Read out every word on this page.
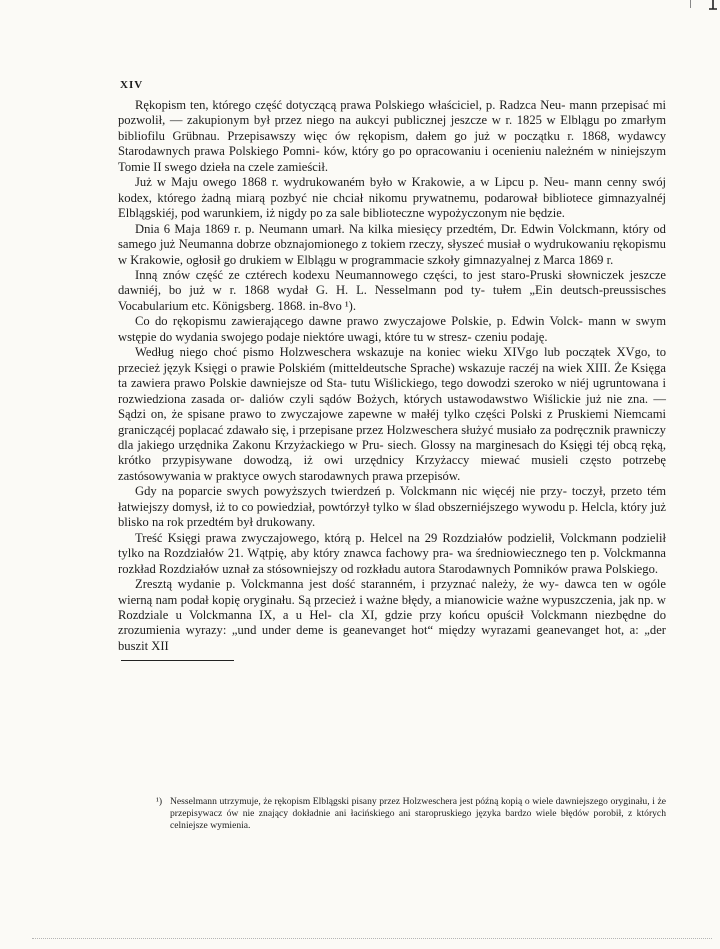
XIV

Rękopism ten, którego część dotyczącą prawa Polskiego właściciel, p. Radzca Neu- mann przepisać mi pozwolił, — zakupionym był przez niego na aukcyi publicznej jeszcze w r. 1825 w Elblągu po zmarłym bibliofilu Grübnau. Przepisawszy więc ów rękopism, dałem go już w początku r. 1868, wydawcy Starodawnych prawa Polskiego Pomni- ków, który go po opracowaniu i ocenieniu należném w niniejszym Tomie II swego dzieła na czele zamieścił.

Już w Maju owego 1868 r. wydrukowaném było w Krakowie, a w Lipcu p. Neu- mann cenny swój kodex, którego żadną miarą pozbyć nie chciał nikomu prywatnemu, podarował bibliotece gimnazyalnéj Elblągskiéj, pod warunkiem, iż nigdy po za sale biblioteczne wypożyczonym nie będzie.

Dnia 6 Maja 1869 r. p. Neumann umarł. Na kilka miesięcy przedtém, Dr. Edwin Volckmann, który od samego już Neumanna dobrze obznajomionego z tokiem rzeczy, słyszeć musiał o wydrukowaniu rękopismu w Krakowie, ogłosił go drukiem w Elblągu w programmacie szkoły gimnazyalnej z Marca 1869 r.

Inną znów część ze cztérech kodexu Neumannowego części, to jest staro-Pruski słowniczek jeszcze dawniéj, bo już w r. 1868 wydał G. H. L. Nesselmann pod ty- tułem „Ein deutsch-preussisches Vocabularium etc. Königsberg. 1868. in-8vo ¹).

Co do rękopismu zawierającego dawne prawo zwyczajowe Polskie, p. Edwin Volck- mann w swym wstępie do wydania swojego podaje niektóre uwagi, które tu w stresz- czeniu podaję.

Według niego choć pismo Holzweschera wskazuje na koniec wieku XIVgo lub początek XVgo, to przecież język Księgi o prawie Polskiém (mitteldeutsche Sprache) wskazuje raczéj na wiek XIII. Że Księga ta zawiera prawo Polskie dawniejsze od Sta- tutu Wiślickiego, tego dowodzi szeroko w niéj ugruntowana i rozwiedziona zasada or- daliów czyli sądów Bożych, których ustawodawstwo Wiślickie już nie zna. — Sądzi on, że spisane prawo to zwyczajowe zapewne w małéj tylko części Polski z Pruskiemi Niemcami graniczącéj poplacać zdawało się, i przepisane przez Holzweschera służyć musiało za podręcznik prawniczy dla jakiego urzędnika Zakonu Krzyżackiego w Pru- siech. Glossy na marginesach do Księgi téj obcą ręką, krótko przypisywane dowodzą, iż owi urzędnicy Krzyżaccy miewać musieli często potrzebę zastósowywania w praktyce owych starodawnych prawa przepisów.

Gdy na poparcie swych powyższych twierdzeń p. Volckmann nic więcéj nie przy- toczył, przeto tém łatwiejszy domysł, iż to co powiedział, powtórzył tylko w ślad obszerniéjszego wywodu p. Helcla, który już blisko na rok przedtém był drukowany.

Treść Księgi prawa zwyczajowego, którą p. Helcel na 29 Rozdziałów podzielił, Volckmann podzielił tylko na Rozdziałów 21. Wątpię, aby który znawca fachowy pra- wa średniowiecznego ten p. Volckmanna rozkład Rozdziałów uznał za stósowniejszy od rozkładu autora Starodawnych Pomników prawa Polskiego.

Zresztą wydanie p. Volckmanna jest dość staranném, i przyznać należy, że wy- dawca ten w ogóle wierną nam podał kopię oryginału. Są przecież i ważne błędy, a mianowicie ważne wypuszczenia, jak np. w Rozdziale u Volckmanna IX, a u Hel- cla XI, gdzie przy końcu opuścił Volckmann niezbędne do zrozumienia wyrazy: „und under deme is geanevanget hot“ między wyrazami geanevanget hot, a: „der buszit XII

¹) Nesselmann utrzymuje, że rękopism Elblągski pisany przez Holzweschera jest późną kopią o wiele dawniejszego oryginału, i że przepisywacz ów nie znający dokładnie ani łacińskiego ani staropruskiego języka bardzo wiele błędów porobił, z których celniejsze wymienia.
